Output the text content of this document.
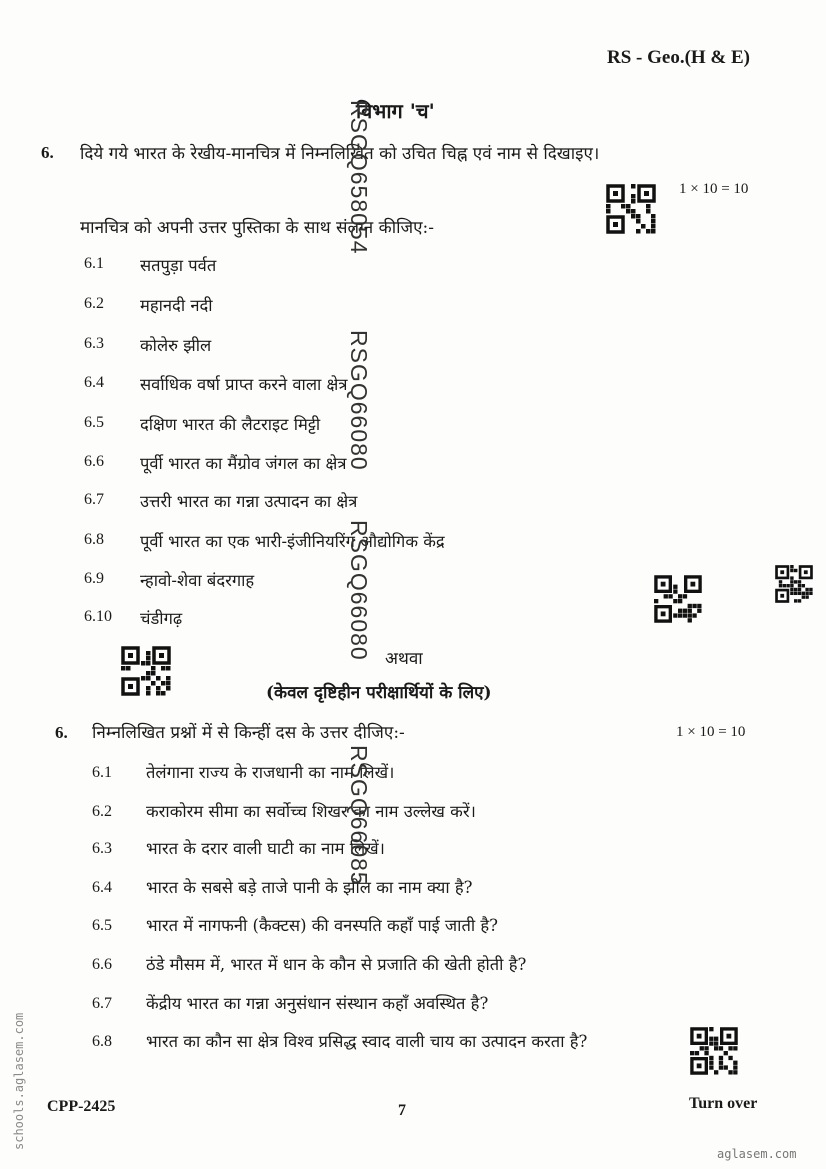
RS - Geo.(H & E)
विभाग 'च'
6. दिये गये भारत के रेखीय-मानचित्र में निम्नलिखित को उचित चिह्न एवं नाम से दिखाइए।
1 × 10 = 10
मानचित्र को अपनी उत्तर पुस्तिका के साथ संलग्न कीजिए:-
6.1 सतपुड़ा पर्वत
6.2 महानदी नदी
6.3 कोलेरु झील
6.4 सर्वाधिक वर्षा प्राप्त करने वाला क्षेत्र
6.5 दक्षिण भारत की लैटराइट मिट्टी
6.6 पूर्वी भारत का मैंग्रोव जंगल का क्षेत्र
6.7 उत्तरी भारत का गन्ना उत्पादन का क्षेत्र
6.8 पूर्वी भारत का एक भारी-इंजीनियरिंग औद्योगिक केंद्र
6.9 न्हावो-शेवा बंदरगाह
6.10 चंडीगढ़
अथवा
(केवल दृष्टिहीन परीक्षार्थियों के लिए)
6. निम्नलिखित प्रश्नों में से किन्हीं दस के उत्तर दीजिए:-	1 × 10 = 10
6.1 तेलंगाना राज्य के राजधानी का नाम लिखें।
6.2 कराकोरम सीमा का सर्वोच्च शिखर का नाम उल्लेख करें।
6.3 भारत के दरार वाली घाटी का नाम लिखें।
6.4 भारत के सबसे बड़े ताजे पानी के झील का नाम क्या है?
6.5 भारत में नागफनी (कैक्टस) की वनस्पति कहाँ पाई जाती है?
6.6 ठंडे मौसम में, भारत में धान के कौन से प्रजाति की खेती होती है?
6.7 केंद्रीय भारत का गन्ना अनुसंधान संस्थान कहाँ अवस्थित है?
6.8 भारत का कौन सा क्षेत्र विश्व प्रसिद्ध स्वाद वाली चाय का उत्पादन करता है?
CPP-2425	7	Turn over
aglasem.com
schools.aglasem.com
RSGQ658054
RSGQ66080
RSGQ66080
RSGQ66085
